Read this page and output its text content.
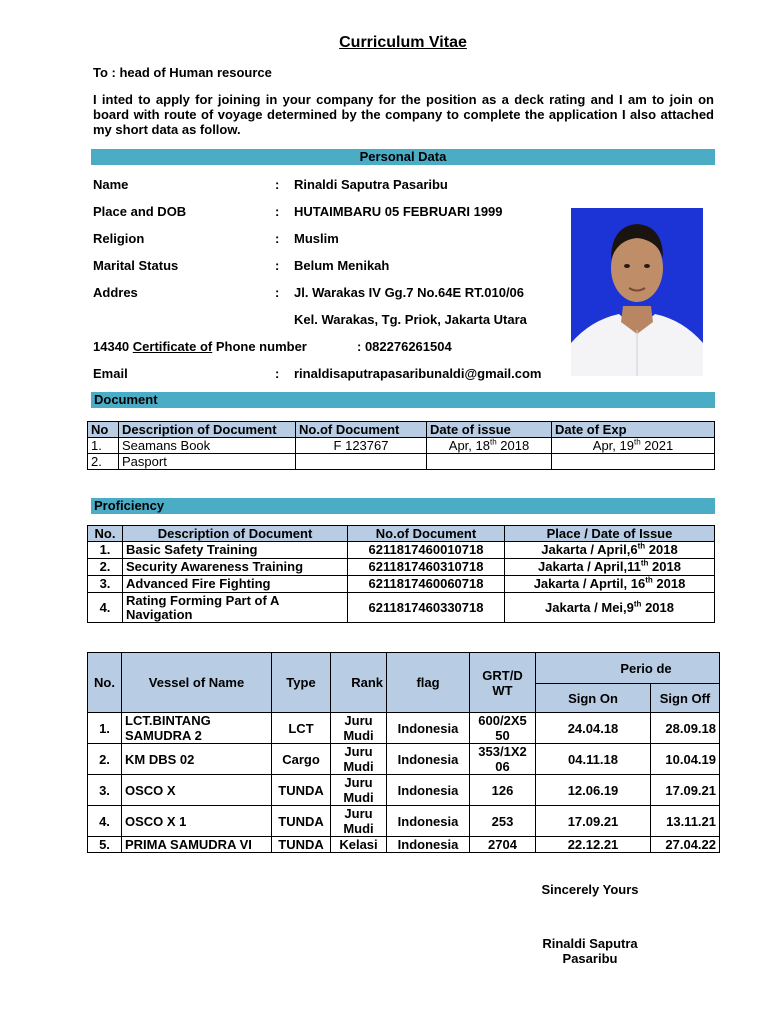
Curriculum Vitae
To : head of Human resource
I inted to apply for joining in your company for the position as a deck rating and I am to join on board with route of voyage determined by the company to complete the application I also attached my short data as follow.
Personal Data
Name	: Rinaldi Saputra Pasaribu
Place and DOB	: HUTAIMBARU 05 FEBRUARI 1999
Religion	: Muslim
Marital Status	: Belum Menikah
Addres	: Jl. Warakas IV Gg.7 No.64E RT.010/06
Kel. Warakas, Tg. Priok, Jakarta Utara
14340 Certificate of Phone number	: 082276261504
Email	: rinaldisaputrapasaribunaldi@gmail.com
Document
No	Description of Document	No.of Document	Date of issue	Date of Exp
1.	Seamans Book	F 123767	Apr, 18th 2018	Apr, 19th 2021
2.	Pasport			
Proficiency
No.	Description of Document	No.of Document	Place / Date of Issue
1.	Basic Safety Training	6211817460010718	Jakarta / April,6th 2018
2.	Security Awareness Training	6211817460310718	Jakarta / April,11th 2018
3.	Advanced Fire Fighting	6211817460060718	Jakarta / Aprtil, 16th 2018
4.	Rating Forming Part of A Navigation	6211817460330718	Jakarta / Mei,9th 2018
No.	Vessel of Name	Type	Rank	flag	GRT/D WT	Perio de	
						Sign On	Sign Off
1.	LCT.BINTANG SAMUDRA 2	LCT	Juru Mudi	Indonesia	600/2X5 50	24.04.18	28.09.18
2.	KM DBS 02	Cargo	Juru Mudi	Indonesia	353/1X2 06	04.11.18	10.04.19
3.	OSCO X	TUNDA	Juru Mudi	Indonesia	126	12.06.19	17.09.21
4.	OSCO X 1	TUNDA	Juru Mudi	Indonesia	253	17.09.21	13.11.21
5.	PRIMA SAMUDRA VI	TUNDA	Kelasi	Indonesia	2704	22.12.21	27.04.22
Sincerely Yours
Rinaldi Saputra
Pasaribu
